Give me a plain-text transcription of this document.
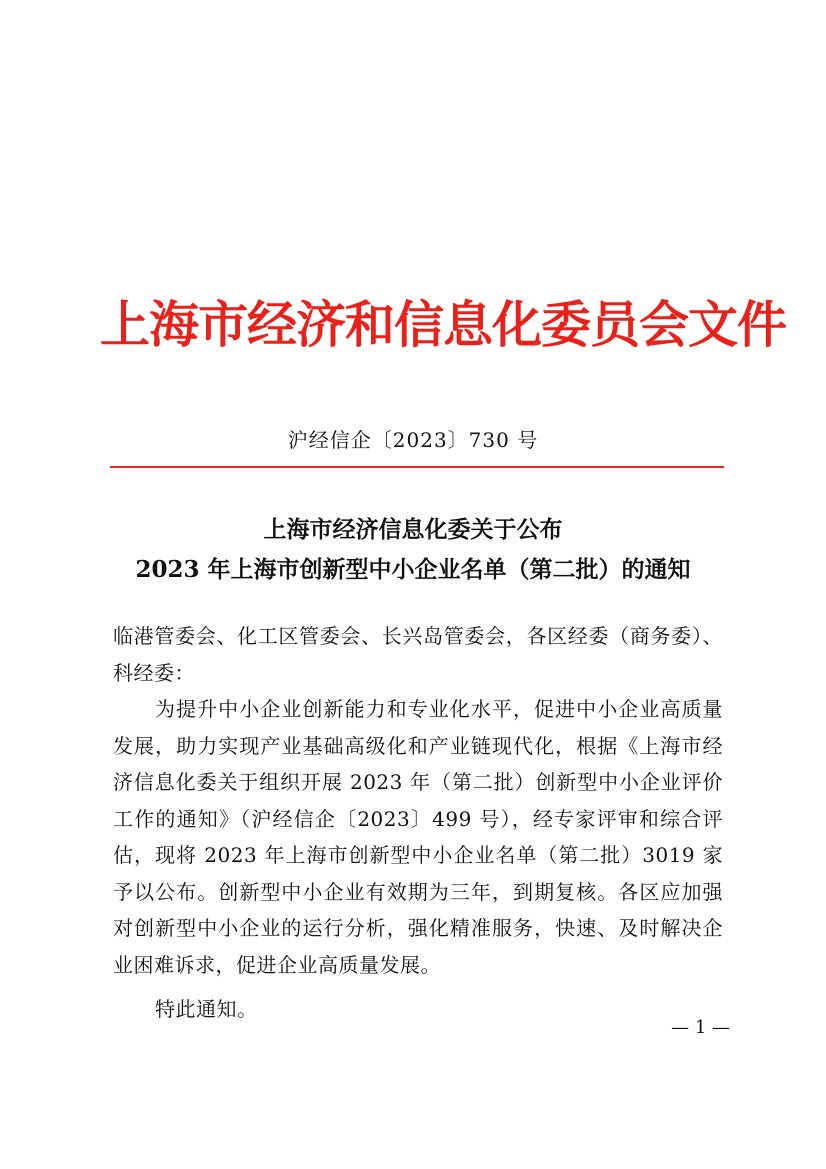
上海市经济和信息化委员会文件
沪经信企〔2023〕730 号
上海市经济信息化委关于公布
2023 年上海市创新型中小企业名单（第二批）的通知

临港管委会、化工区管委会、长兴岛管委会，各区经委（商务委）、科经委：

为提升中小企业创新能力和专业化水平，促进中小企业高质量发展，助力实现产业基础高级化和产业链现代化，根据《上海市经济信息化委关于组织开展 2023 年（第二批）创新型中小企业评价工作的通知》（沪经信企〔2023〕499 号），经专家评审和综合评估，现将 2023 年上海市创新型中小企业名单（第二批）3019 家予以公布。创新型中小企业有效期为三年，到期复核。各区应加强对创新型中小企业的运行分析，强化精准服务，快速、及时解决企业困难诉求，促进企业高质量发展。

特此通知。

— 1 —
